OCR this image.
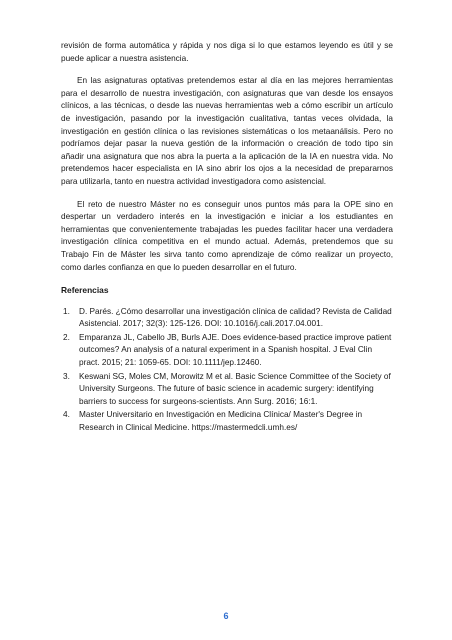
revisión de forma automática y rápida y nos diga si lo que estamos leyendo es útil y se puede aplicar a nuestra asistencia.

En las asignaturas optativas pretendemos estar al día en las mejores herramientas para el desarrollo de nuestra investigación, con asignaturas que van desde los ensayos clínicos, a las técnicas, o desde las nuevas herramientas web a cómo escribir un artículo de investigación, pasando por la investigación cualitativa, tantas veces olvidada, la investigación en gestión clínica o las revisiones sistemáticas o los metaanálisis. Pero no podríamos dejar pasar la nueva gestión de la información o creación de todo tipo sin añadir una asignatura que nos abra la puerta a la aplicación de la IA en nuestra vida. No pretendemos hacer especialista en IA sino abrir los ojos a la necesidad de prepararnos para utilizarla, tanto en nuestra actividad investigadora como asistencial.

El reto de nuestro Máster no es conseguir unos puntos más para la OPE sino en despertar un verdadero interés en la investigación e iniciar a los estudiantes en herramientas que convenientemente trabajadas les puedes facilitar hacer una verdadera investigación clínica competitiva en el mundo actual. Además, pretendemos que su Trabajo Fin de Máster les sirva tanto como aprendizaje de cómo realizar un proyecto, como darles confianza en que lo pueden desarrollar en el futuro.

Referencias
1.	D. Parés. ¿Cómo desarrollar una investigación clínica de calidad? Revista de Calidad Asistencial. 2017; 32(3): 125-126. DOI: 10.1016/j.cali.2017.04.001.
2.	Emparanza JL, Cabello JB, Burls AJE. Does evidence-based practice improve patient outcomes? An analysis of a natural experiment in a Spanish hospital. J Eval Clin pract. 2015; 21: 1059-65. DOI: 10.1111/jep.12460.
3.	Keswani SG, Moles CM, Morowitz M et al. Basic Science Committee of the Society of University Surgeons. The future of basic science in academic surgery: identifying barriers to success for surgeons-scientists. Ann Surg. 2016; 16:1.
4.	Master Universitario en Investigación en Medicina Clínica/ Master's Degree in Research in Clinical Medicine. https://mastermedcli.umh.es/
6
